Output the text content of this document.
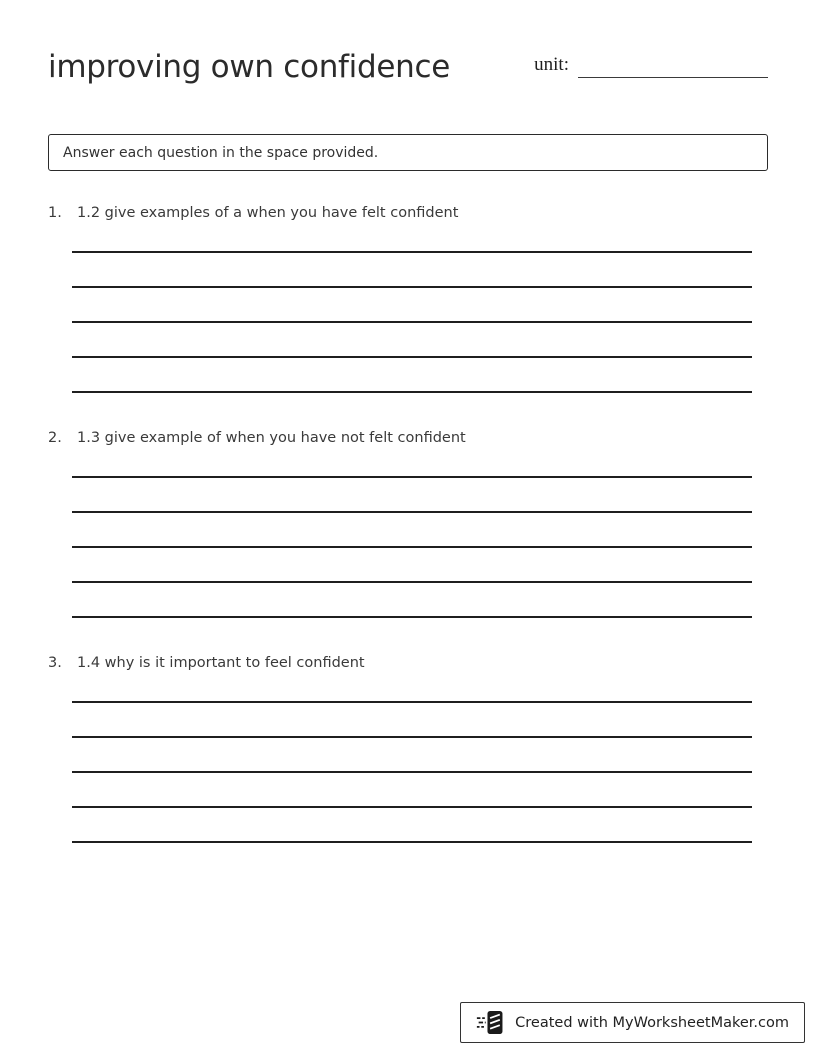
improving own confidence	unit:
Answer each question in the space provided.
1.	1.2 give examples of a when you have felt confident
2.	1.3 give example of when you have not felt confident
3.	1.4 why is it important to feel confident
Created with MyWorksheetMaker.com
